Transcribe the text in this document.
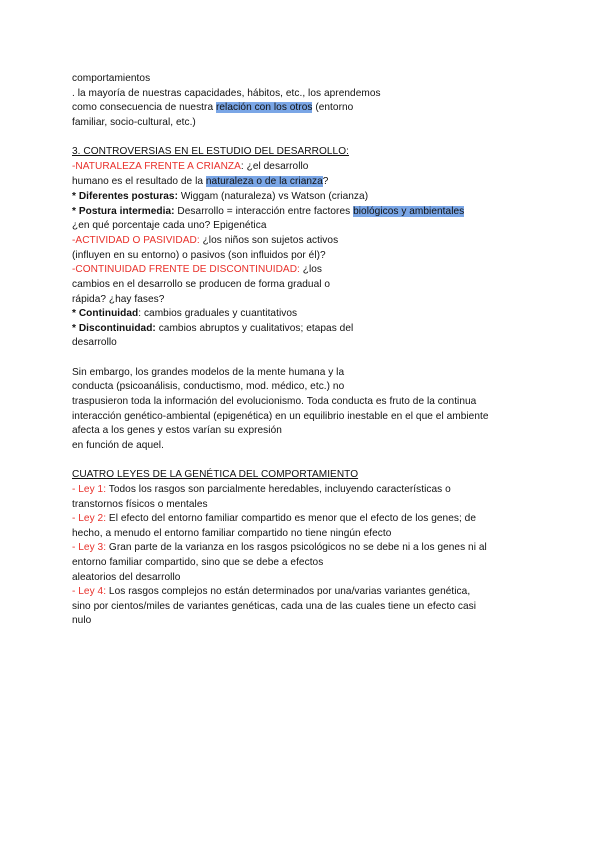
comportamientos
. la mayoría de nuestras capacidades, hábitos, etc., los aprendemos
como consecuencia de nuestra relación con los otros (entorno
familiar, socio-cultural, etc.)
3. CONTROVERSIAS EN EL ESTUDIO DEL DESARROLLO:
-NATURALEZA FRENTE A CRIANZA: ¿el desarrollo
humano es el resultado de la naturaleza o de la crianza?
* Diferentes posturas: Wiggam (naturaleza) vs Watson (crianza)
* Postura intermedia: Desarrollo = interacción entre factores biológicos y ambientales
¿en qué porcentaje cada uno? Epigenética
-ACTIVIDAD O PASIVIDAD: ¿los niños son sujetos activos
(influyen en su entorno) o pasivos (son influidos por él)?
-CONTINUIDAD FRENTE DE DISCONTINUIDAD: ¿los
cambios en el desarrollo se producen de forma gradual o
rápida? ¿hay fases?
* Continuidad: cambios graduales y cuantitativos
* Discontinuidad: cambios abruptos y cualitativos; etapas del
desarrollo
Sin embargo, los grandes modelos de la mente humana y la
conducta (psicoanálisis, conductismo, mod. médico, etc.) no
traspusieron toda la información del evolucionismo. Toda conducta es fruto de la continua
interacción genético-ambiental (epigenética) en un equilibrio inestable en el que el ambiente
afecta a los genes y estos varían su expresión
en función de aquel.
CUATRO LEYES DE LA GENÉTICA DEL COMPORTAMIENTO
- Ley 1: Todos los rasgos son parcialmente heredables, incluyendo características o
transtornos físicos o mentales
- Ley 2: El efecto del entorno familiar compartido es menor que el efecto de los genes; de
hecho, a menudo el entorno familiar compartido no tiene ningún efecto
- Ley 3: Gran parte de la varianza en los rasgos psicológicos no se debe ni a los genes ni al
entorno familiar compartido, sino que se debe a efectos
aleatorios del desarrollo
- Ley 4: Los rasgos complejos no están determinados por una/varias variantes genética,
sino por cientos/miles de variantes genéticas, cada una de las cuales tiene un efecto casi
nulo
